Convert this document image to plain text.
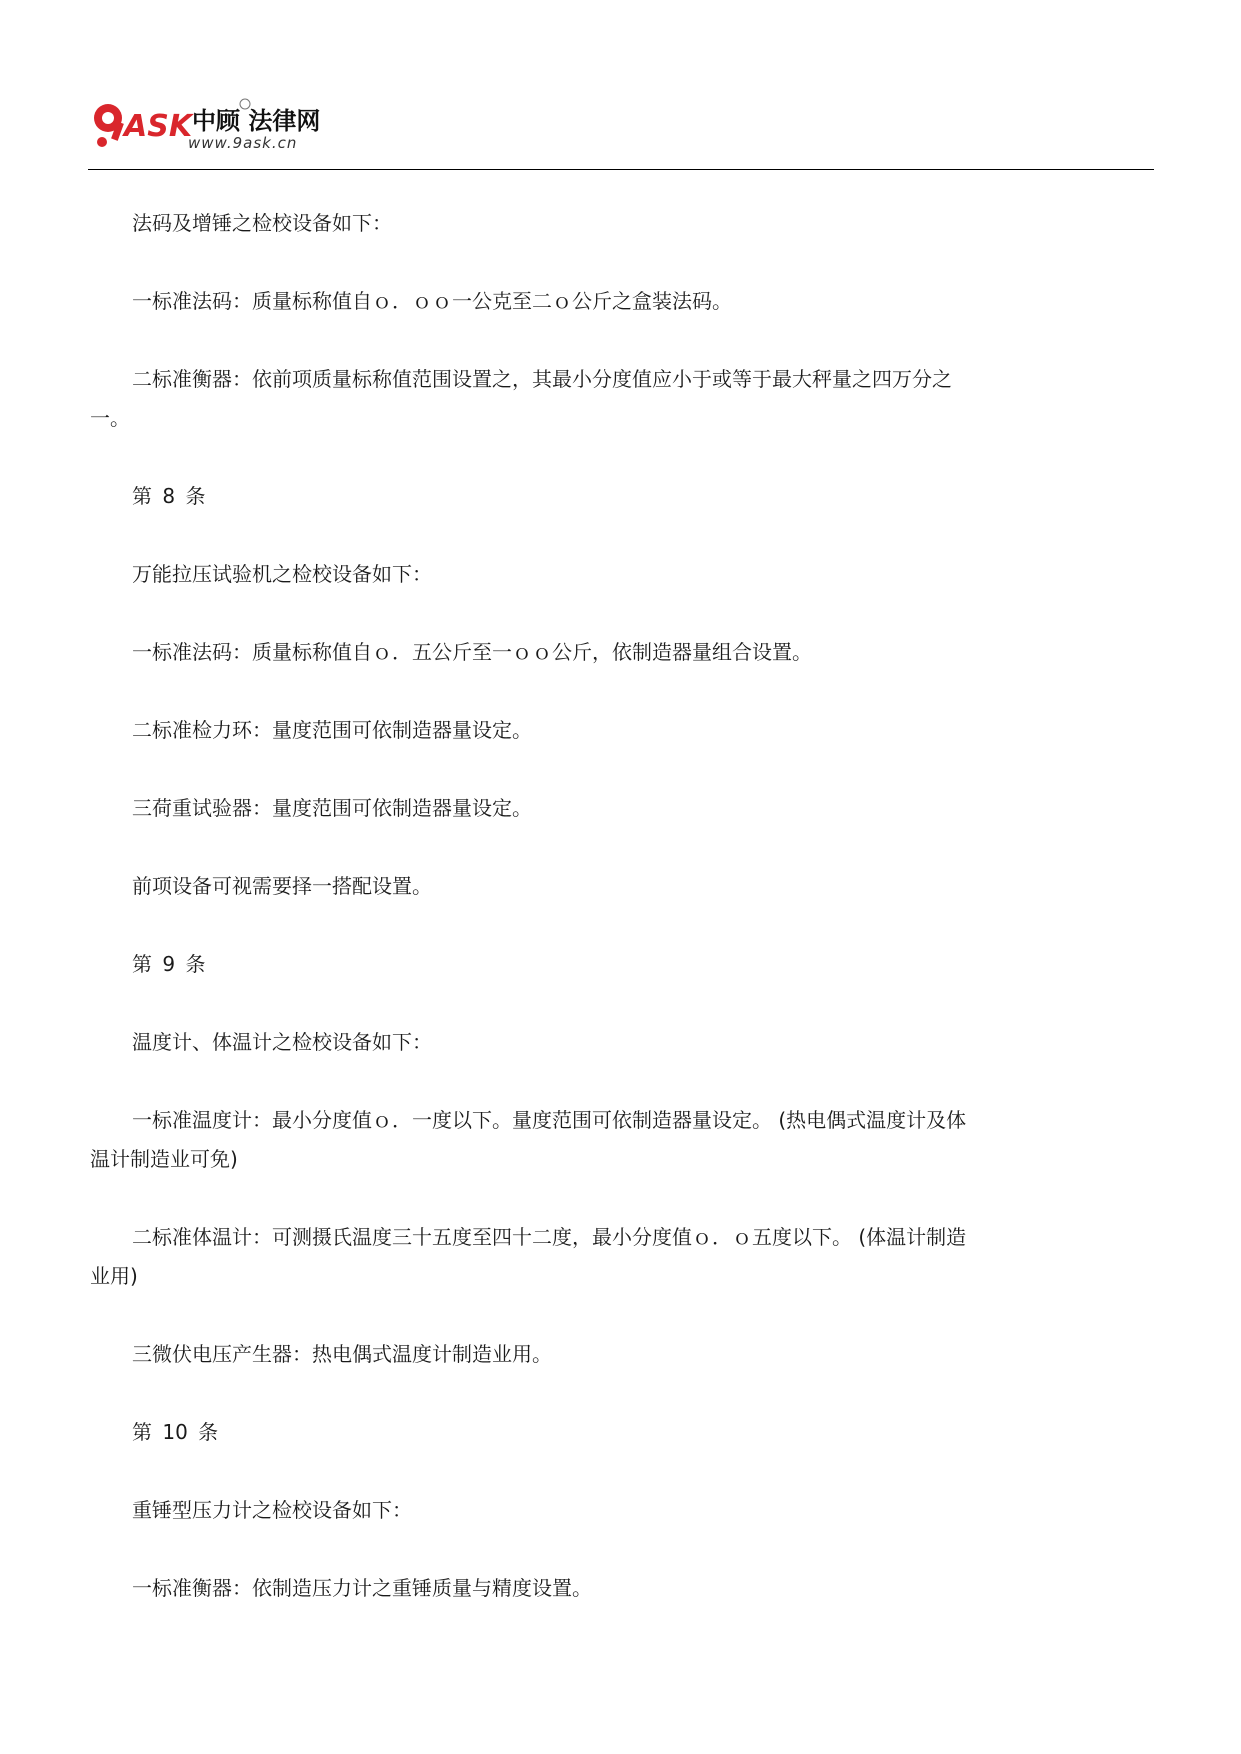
ASK 中顾 法律网
www.9ask.cn

法码及增锤之检校设备如下：

一标准法码：质量标称值自ｏ．ｏｏ一公克至二ｏ公斤之盒装法码。

二标准衡器：依前项质量标称值范围设置之，其最小分度值应小于或等于最大秤量之四万分之一。

第 8 条

万能拉压试验机之检校设备如下：

一标准法码：质量标称值自ｏ．五公斤至一ｏｏ公斤，依制造器量组合设置。

二标准检力环：量度范围可依制造器量设定。

三荷重试验器：量度范围可依制造器量设定。

前项设备可视需要择一搭配设置。

第 9 条

温度计、体温计之检校设备如下：

一标准温度计：最小分度值ｏ．一度以下。量度范围可依制造器量设定。 (热电偶式温度计及体温计制造业可免)

二标准体温计：可测摄氏温度三十五度至四十二度，最小分度值ｏ．ｏ五度以下。 (体温计制造业用)

三微伏电压产生器：热电偶式温度计制造业用。

第 10 条

重锤型压力计之检校设备如下：

一标准衡器：依制造压力计之重锤质量与精度设置。
